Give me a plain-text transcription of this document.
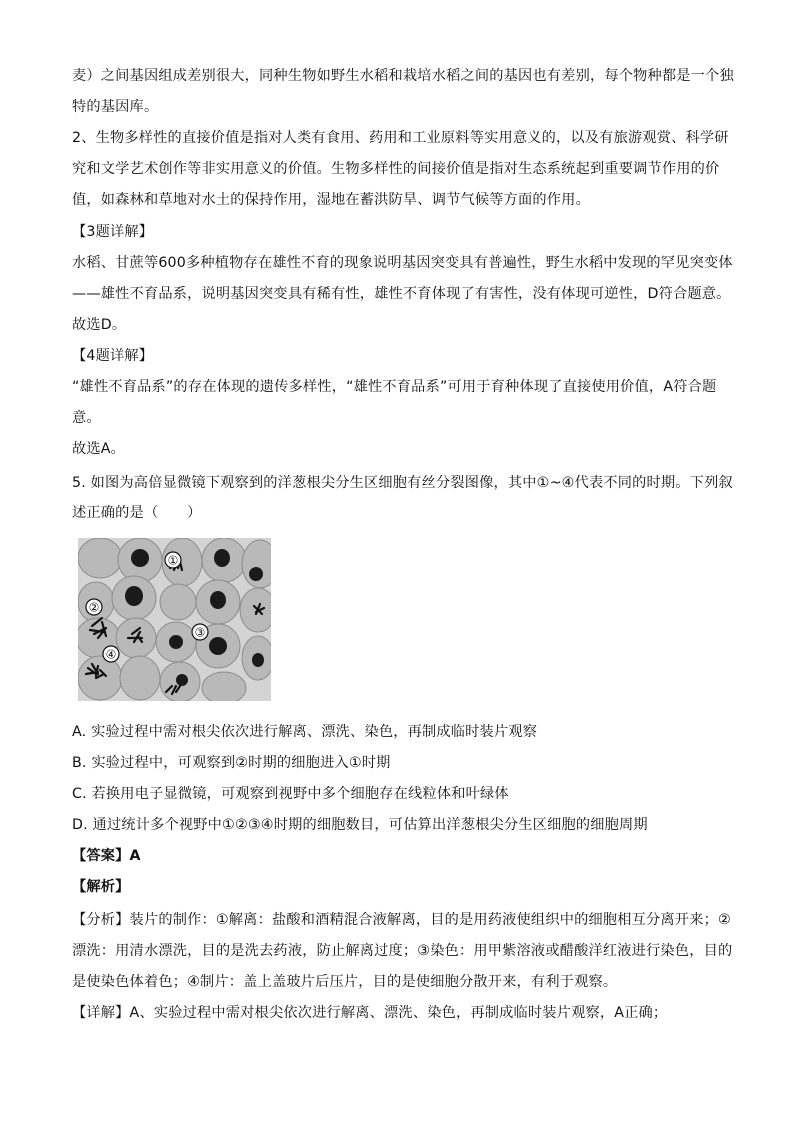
麦）之间基因组成差别很大，同种生物如野生水稻和栽培水稻之间的基因也有差别，每个物种都是一个独
特的基因库。
2、生物多样性的直接价值是指对人类有食用、药用和工业原料等实用意义的，以及有旅游观赏、科学研
究和文学艺术创作等非实用意义的价值。生物多样性的间接价值是指对生态系统起到重要调节作用的价
值，如森林和草地对水土的保持作用，湿地在蓄洪防旱、调节气候等方面的作用。
【3题详解】
水稻、甘蔗等600多种植物存在雄性不育的现象说明基因突变具有普遍性，野生水稻中发现的罕见突变体
——雄性不育品系，说明基因突变具有稀有性，雄性不育体现了有害性，没有体现可逆性，D符合题意。
故选D。
【4题详解】
“雄性不育品系”的存在体现的遗传多样性，“雄性不育品系”可用于育种体现了直接使用价值，A符合题
意。
故选A。
5. 如图为高倍显微镜下观察到的洋葱根尖分生区细胞有丝分裂图像，其中①~④代表不同的时期。下列叙
述正确的是（　　）
①
②
③
④
A. 实验过程中需对根尖依次进行解离、漂洗、染色，再制成临时装片观察
B. 实验过程中，可观察到②时期的细胞进入①时期
C. 若换用电子显微镜，可观察到视野中多个细胞存在线粒体和叶绿体
D. 通过统计多个视野中①②③④时期的细胞数目，可估算出洋葱根尖分生区细胞的细胞周期
【答案】A
【解析】
【分析】装片的制作：①解离：盐酸和酒精混合液解离，目的是用药液使组织中的细胞相互分离开来；②
漂洗：用清水漂洗，目的是洗去药液，防止解离过度；③染色：用甲紫溶液或醋酸洋红液进行染色，目的
是使染色体着色；④制片：盖上盖玻片后压片，目的是使细胞分散开来，有利于观察。
【详解】A、实验过程中需对根尖依次进行解离、漂洗、染色，再制成临时装片观察，A正确；
